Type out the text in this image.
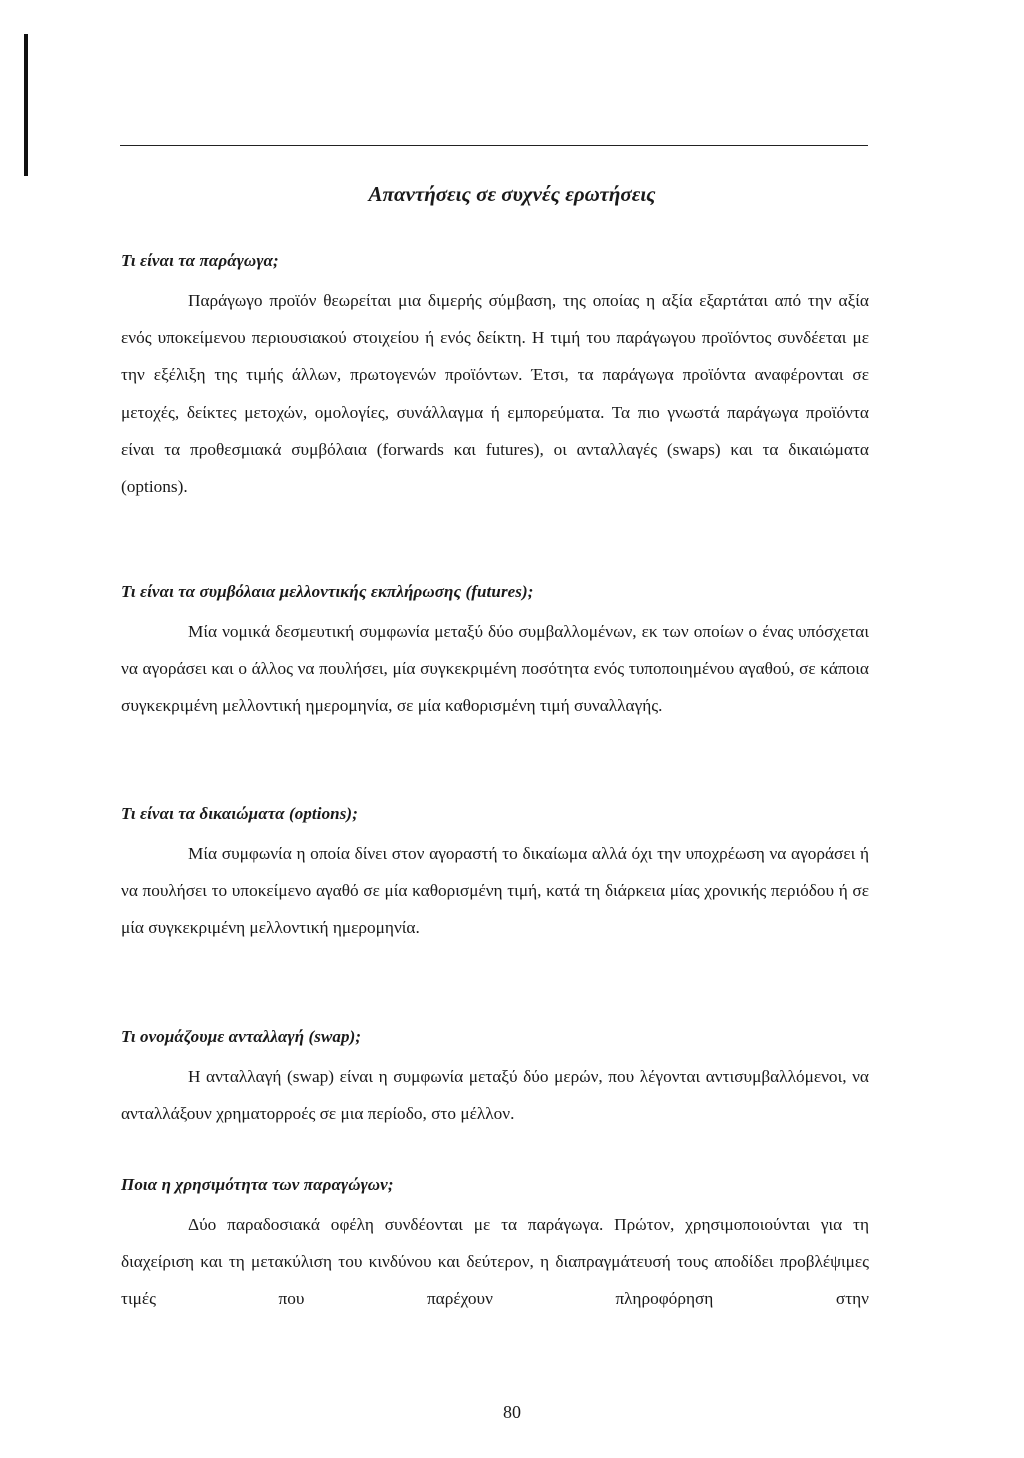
Απαντήσεις σε συχνές ερωτήσεις

Τι είναι τα παράγωγα;

Παράγωγο προϊόν θεωρείται μια διμερής σύμβαση, της οποίας η αξία εξαρτάται από την αξία ενός υποκείμενου περιουσιακού στοιχείου ή ενός δείκτη. Η τιμή του παράγωγου προϊόντος συνδέεται με την εξέλιξη της τιμής άλλων, πρωτογενών προϊόντων. Έτσι, τα παράγωγα προϊόντα αναφέρονται σε μετοχές, δείκτες μετοχών, ομολογίες, συνάλλαγμα ή εμπορεύματα. Τα πιο γνωστά παράγωγα προϊόντα είναι τα προθεσμιακά συμβόλαια (forwards και futures), οι ανταλλαγές (swaps) και τα δικαιώματα (options).

Τι είναι τα συμβόλαια μελλοντικής εκπλήρωσης (futures);

Μία νομικά δεσμευτική συμφωνία μεταξύ δύο συμβαλλομένων, εκ των οποίων ο ένας υπόσχεται να αγοράσει και ο άλλος να πουλήσει, μία συγκεκριμένη ποσότητα ενός τυποποιημένου αγαθού, σε κάποια συγκεκριμένη μελλοντική ημερομηνία, σε μία καθορισμένη τιμή συναλλαγής.

Τι είναι τα δικαιώματα (options);

Μία συμφωνία η οποία δίνει στον αγοραστή το δικαίωμα αλλά όχι την υποχρέωση να αγοράσει ή να πουλήσει το υποκείμενο αγαθό σε μία καθορισμένη τιμή, κατά τη διάρκεια μίας χρονικής περιόδου ή σε μία συγκεκριμένη μελλοντική ημερομηνία.

Τι ονομάζουμε ανταλλαγή (swap);

Η ανταλλαγή (swap) είναι η συμφωνία μεταξύ δύο μερών, που λέγονται αντισυμβαλλόμενοι, να ανταλλάξουν χρηματορροές σε μια περίοδο, στο μέλλον.

Ποια η χρησιμότητα των παραγώγων;

Δύο παραδοσιακά οφέλη συνδέονται με τα παράγωγα. Πρώτον, χρησιμοποιούνται για τη διαχείριση και τη μετακύλιση του κινδύνου και δεύτερον, η διαπραγμάτευσή τους αποδίδει προβλέψιμες τιμές που παρέχουν πληροφόρηση στην

80
